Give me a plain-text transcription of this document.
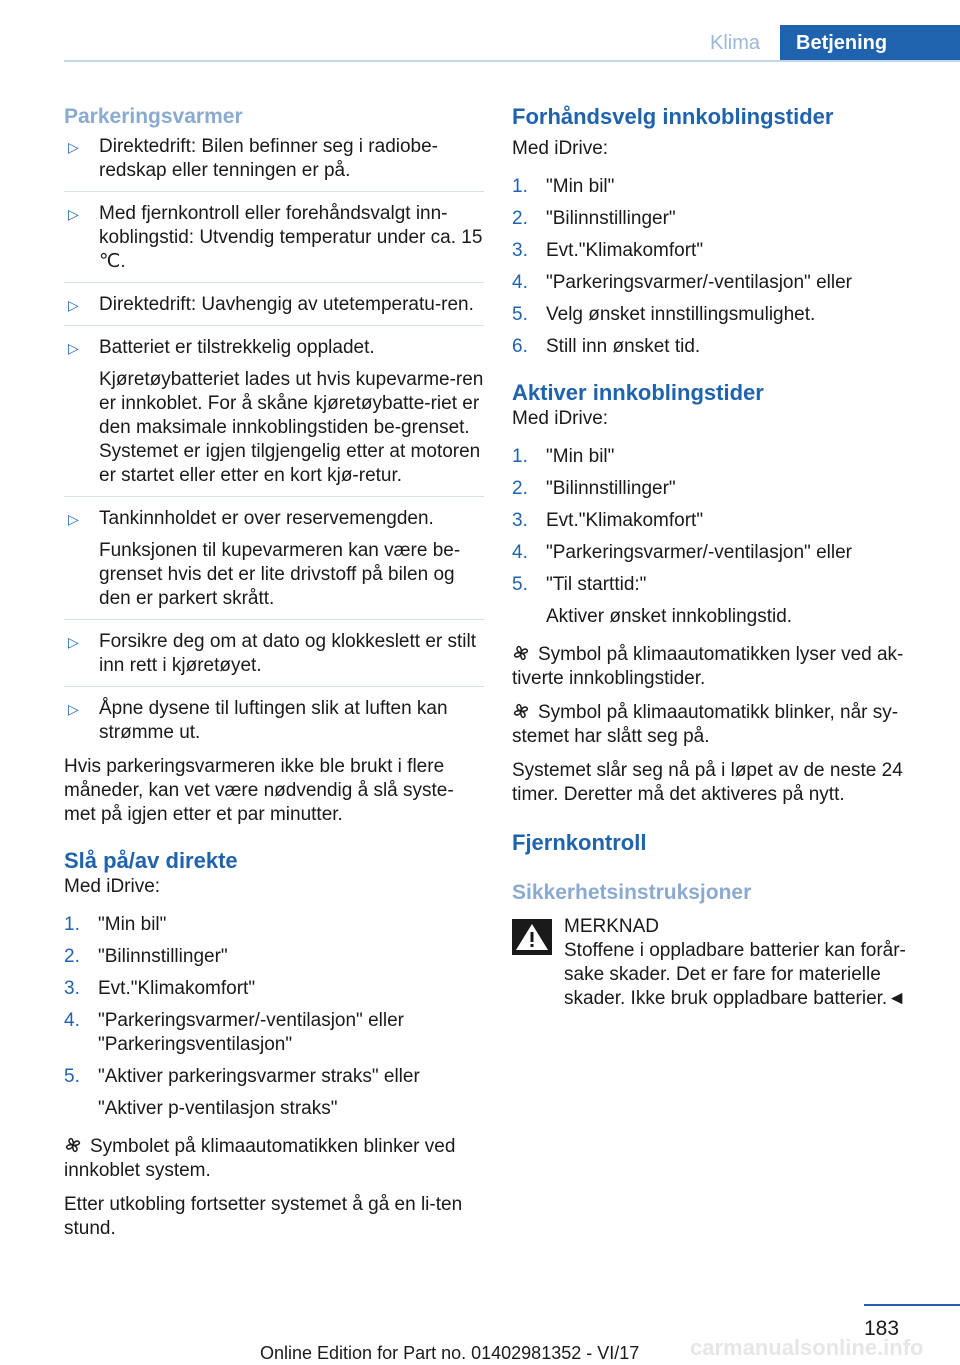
Klima	Betjening
Parkeringsvarmer
▷ Direktedrift: Bilen befinner seg i radiobe-redskap eller tenningen er på.
▷ Med fjernkontroll eller forehåndsvalgt inn-koblingstid: Utvendig temperatur under ca. 15 ℃.
▷ Direktedrift: Uavhengig av utetemperatu-ren.
▷ Batteriet er tilstrekkelig oppladet.
Kjøretøybatteriet lades ut hvis kupevarme-ren er innkoblet. For å skåne kjøretøybatte-riet er den maksimale innkoblingstiden be-grenset. Systemet er igjen tilgjengelig etter at motoren er startet eller etter en kort kjø-retur.
▷ Tankinnholdet er over reservemengden.
Funksjonen til kupevarmeren kan være be-grenset hvis det er lite drivstoff på bilen og den er parkert skrått.
▷ Forsikre deg om at dato og klokkeslett er stilt inn rett i kjøretøyet.
▷ Åpne dysene til luftingen slik at luften kan strømme ut.

Hvis parkeringsvarmeren ikke ble brukt i flere måneder, kan vet være nødvendig å slå syste-met på igjen etter et par minutter.

Slå på/av direkte

Med iDrive:

1. "Min bil"
2. "Bilinnstillinger"
3. Evt."Klimakomfort"
4. "Parkeringsvarmer/-ventilasjon" eller "Parkeringsventilasjon"
5. "Aktiver parkeringsvarmer straks" eller
"Aktiver p-ventilasjon straks"

Symbolet på klimaautomatikken blinker ved innkoblet system.

Etter utkobling fortsetter systemet å gå en li-ten stund.

Forhåndsvelg innkoblingstider

Med iDrive:

1. "Min bil"
2. "Bilinnstillinger"
3. Evt."Klimakomfort"
4. "Parkeringsvarmer/-ventilasjon" eller
5. Velg ønsket innstillingsmulighet.
6. Still inn ønsket tid.
Aktiver innkoblingstider

Med iDrive:

1. "Min bil"
2. "Bilinnstillinger"
3. Evt."Klimakomfort"
4. "Parkeringsvarmer/-ventilasjon" eller
5. "Til starttid:"
Aktiver ønsket innkoblingstid.

Symbol på klimaautomatikken lyser ved ak-tiverte innkoblingstider.

Symbol på klimaautomatikk blinker, når sy-stemet har slått seg på.

Systemet slår seg nå på i løpet av de neste 24 timer. Deretter må det aktiveres på nytt.

Fjernkontroll
Sikkerhetsinstruksjoner
MERKNAD
Stoffene i oppladbare batterier kan forår-sake skader. Det er fare for materielle skader. Ikke bruk oppladbare batterier.◄
183
Online Edition for Part no. 01402981352 - VI/17 carmanualsonline.info
